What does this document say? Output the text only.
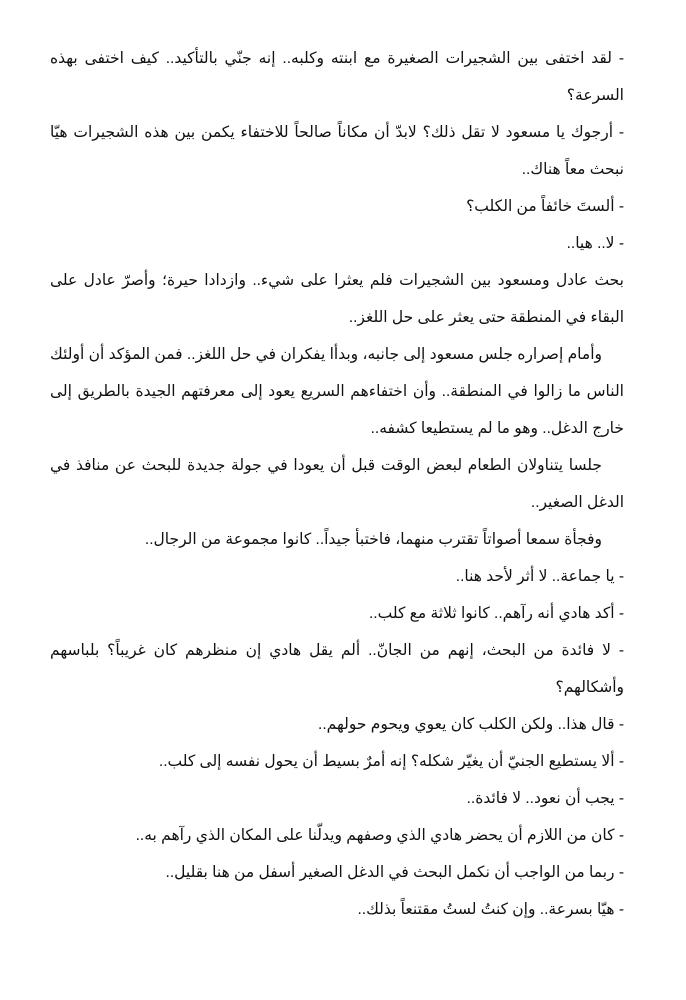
- لقد اختفى بين الشجيرات الصغيرة مع ابنته وكلبه.. إنه جنّي بالتأكيد.. كيف اختفى بهذه السرعة؟

- أرجوك يا مسعود لا تقل ذلك؟ لابدّ أن مكاناً صالحاً للاختفاء يكمن بين هذه الشجيرات هيّا نبحث معاً هناك..

- ألستَ خائفاً من الكلب؟

- لا.. هيا..

بحث عادل ومسعود بين الشجيرات فلم يعثرا على شيء.. وازدادا حيرة؛ وأصرّ عادل على البقاء في المنطقة حتى يعثر على حل اللغز..

وأمام إصراره جلس مسعود إلى جانبه، وبدأا يفكران في حل اللغز.. فمن المؤكد أن أولئك الناس ما زالوا في المنطقة.. وأن اختفاءهم السريع يعود إلى معرفتهم الجيدة بالطريق إلى خارج الدغل.. وهو ما لم يستطيعا كشفه..

جلسا يتناولان الطعام لبعض الوقت قبل أن يعودا في جولة جديدة للبحث عن منافذ في الدغل الصغير..

وفجأة سمعا أصواتاً تقترب منهما، فاختبأ جيداً.. كانوا مجموعة من الرجال..

- يا جماعة.. لا أثر لأحد هنا..

- أكد هادي أنه رآهم.. كانوا ثلاثة مع كلب..

- لا فائدة من البحث، إنهم من الجانّ.. ألم يقل هادي إن منظرهم كان غريباً؟ بلباسهم وأشكالهم؟

- قال هذا.. ولكن الكلب كان يعوي ويحوم حولهم..

- ألا يستطيع الجنيّ أن يغيّر شكله؟ إنه أمرٌ بسيط أن يحول نفسه إلى كلب..

- يجب أن نعود.. لا فائدة..

- كان من اللازم أن يحضر هادي الذي وصفهم ويدلّنا على المكان الذي رآهم به..

- ربما من الواجب أن نكمل البحث في الدغل الصغير أسفل من هنا بقليل..

- هيّا بسرعة.. وإن كنتُ لستُ مقتنعاً بذلك..
